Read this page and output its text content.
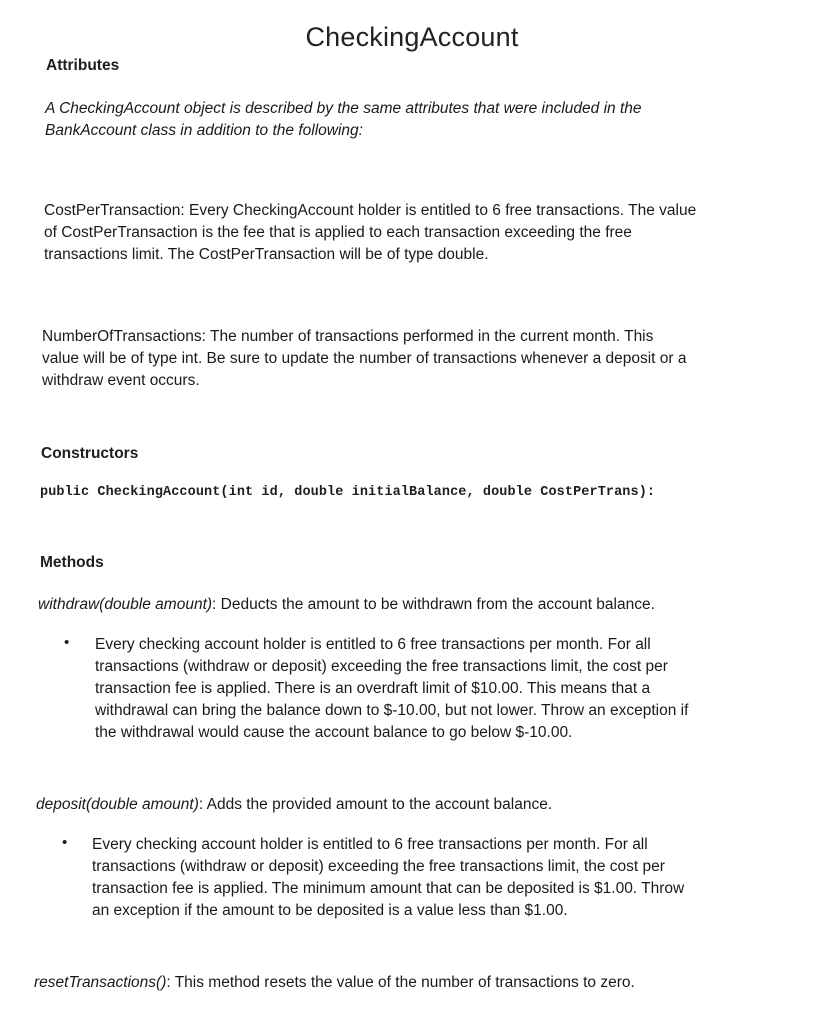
CheckingAccount
Attributes
A CheckingAccount object is described by the same attributes that were included in the
BankAccount class in addition to the following:
CostPerTransaction: Every CheckingAccount holder is entitled to 6 free transactions. The value
of CostPerTransaction is the fee that is applied to each transaction exceeding the free
transactions limit. The CostPerTransaction will be of type double.
NumberOfTransactions: The number of transactions performed in the current month. This
value will be of type int. Be sure to update the number of transactions whenever a deposit or a
withdraw event occurs.
Constructors
public CheckingAccount(int id, double initialBalance, double CostPerTrans):
Methods
withdraw(double amount): Deducts the amount to be withdrawn from the account balance.
• Every checking account holder is entitled to 6 free transactions per month. For all
transactions (withdraw or deposit) exceeding the free transactions limit, the cost per
transaction fee is applied. There is an overdraft limit of $10.00. This means that a
withdrawal can bring the balance down to $-10.00, but not lower. Throw an exception if
the withdrawal would cause the account balance to go below $-10.00.
deposit(double amount): Adds the provided amount to the account balance.
• Every checking account holder is entitled to 6 free transactions per month. For all
transactions (withdraw or deposit) exceeding the free transactions limit, the cost per
transaction fee is applied. The minimum amount that can be deposited is $1.00. Throw
an exception if the amount to be deposited is a value less than $1.00.
resetTransactions(): This method resets the value of the number of transactions to zero.
